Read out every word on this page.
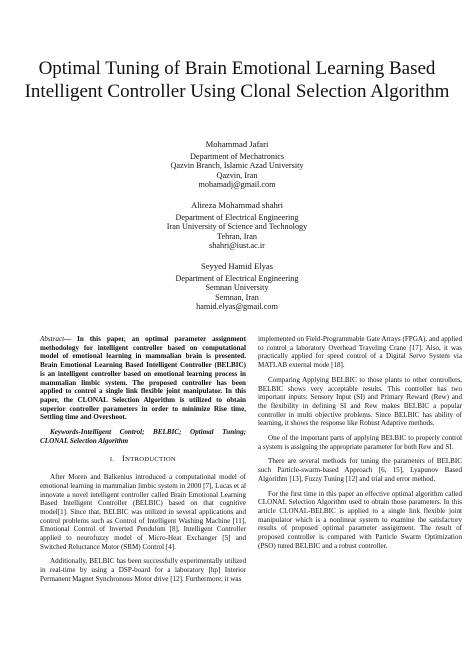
Optimal Tuning of Brain Emotional Learning Based Intelligent Controller Using Clonal Selection Algorithm
Mohammad Jafari
Department of Mechatronics
Qazvin Branch, Islamic Azad University
Qazvin, Iran
mohamadj@gmail.com
Alireza Mohammad shahri
Department of Electrical Engineering
Iran University of Science and Technology
Tehran, Iran
shahri@iust.ac.ir
Seyyed Hamid Elyas
Department of Electrical Engineering
Semnan University
Semnan, Iran
hamid.elyas@gmail.com

Abstract— In this paper, an optimal parameter assignment methodology for intelligent controller based on computational model of emotional learning in mammalian brain is presented. Brain Emotional Learning Based Intelligent Controller (BELBIC) is an intelligent controller based on emotional learning process in mammalian limbic system. The proposed controller has been applied to control a single link flexible joint manipulator. In this paper, the CLONAL Selection Algorithm is utilized to obtain superior controller parameters in order to minimize Rise time, Settling time and Overshoot.

Keywords-Intelligent Control; BELBIC; Optimal Tuning; CLONAL Selection Algorithm

I. INTRODUCTION

After Moren and Balkenius introduced a computational model of emotional learning in mammalian limbic system in 2000 [7], Lucas et al innovate a novel intelligent controller called Brain Emotional Learning Based Intelligent Controller (BELBIC) based on that cognitive model[1]. Since that, BELBIC was utilized in several applications and control problems such as Control of Intelligent Washing Machine [11], Emotional Control of Inverted Pendulum [8], Intelligent Controller applied to neurofuzzy model of Micro-Heat Exchanger [5] and Switched Reluctance Motor (SRM) Control [4].

Additionally, BELBIC has been successfully experimentally utilized in real-time by using a DSP-board for a laboratory [hp] Interior Permanent Magnet Synchronous Motor drive [12]. Furthermore, it was

implemented on Field-Programmable Gate Arrays (FPGA), and applied to control a laboratory Overhead Traveling Crane [17]. Also, it was practically applied for speed control of a Digital Servo System via MATLAB external mode [18].

Comparing Applying BELBIC to those plants to other controllers, BELBIC shows very acceptable results. This controller has two important inputs: Sensory Input (SI) and Primary Reward (Rew) and the flexibility in defining SI and Rew makes BELBIC a popular controller in multi objective problems. Since BELBIC has ability of learning, it shows the response like Robust Adaptive methods.

One of the important parts of applying BELBIC to properly control a system is assigning the appropriate parameter for both Rew and SI.

There are several methods for tuning the parameters of BELBIC such Particle-swarm-based Approach [6, 15], Lyapunov Based Algorithm [13], Fuzzy Tuning [12] and trial and error method.

For the first time in this paper an effective optimal algorithm called CLONAL Selection Algorithm used to obtain those parameters. In this article CLONAL-BELBIC is applied to a single link flexible joint manipulator which is a nonlinear system to examine the satisfactory results of proposed optimal parameter assignment. The result of proposed controller is compared with Particle Swarm Optimization (PSO) tuned BELBIC and a robust controller.
